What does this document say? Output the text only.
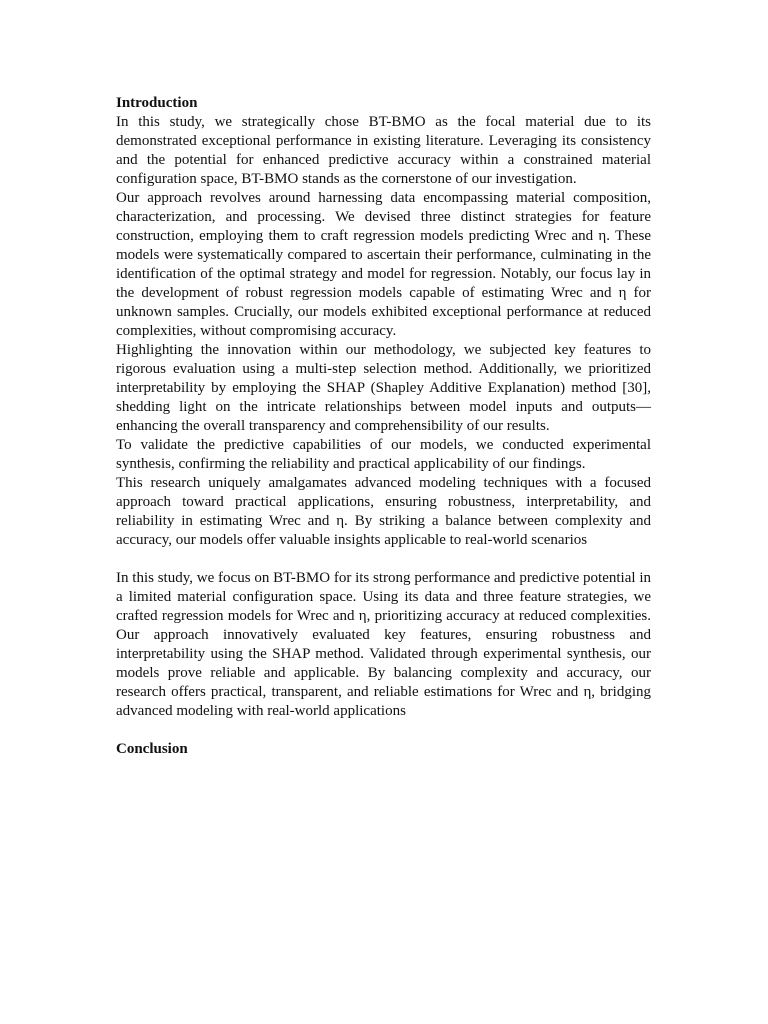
Introduction

In this study, we strategically chose BT-BMO as the focal material due to its demonstrated exceptional performance in existing literature. Leveraging its consistency and the potential for enhanced predictive accuracy within a constrained material configuration space, BT-BMO stands as the cornerstone of our investigation.

Our approach revolves around harnessing data encompassing material composition, characterization, and processing. We devised three distinct strategies for feature construction, employing them to craft regression models predicting Wrec and η. These models were systematically compared to ascertain their performance, culminating in the identification of the optimal strategy and model for regression. Notably, our focus lay in the development of robust regression models capable of estimating Wrec and η for unknown samples. Crucially, our models exhibited exceptional performance at reduced complexities, without compromising accuracy.

Highlighting the innovation within our methodology, we subjected key features to rigorous evaluation using a multi-step selection method. Additionally, we prioritized interpretability by employing the SHAP (Shapley Additive Explanation) method [30], shedding light on the intricate relationships between model inputs and outputs—enhancing the overall transparency and comprehensibility of our results.

To validate the predictive capabilities of our models, we conducted experimental synthesis, confirming the reliability and practical applicability of our findings.

This research uniquely amalgamates advanced modeling techniques with a focused approach toward practical applications, ensuring robustness, interpretability, and reliability in estimating Wrec and η. By striking a balance between complexity and accuracy, our models offer valuable insights applicable to real-world scenarios

In this study, we focus on BT-BMO for its strong performance and predictive potential in a limited material configuration space. Using its data and three feature strategies, we crafted regression models for Wrec and η, prioritizing accuracy at reduced complexities. Our approach innovatively evaluated key features, ensuring robustness and interpretability using the SHAP method. Validated through experimental synthesis, our models prove reliable and applicable. By balancing complexity and accuracy, our research offers practical, transparent, and reliable estimations for Wrec and η, bridging advanced modeling with real-world applications

Conclusion
